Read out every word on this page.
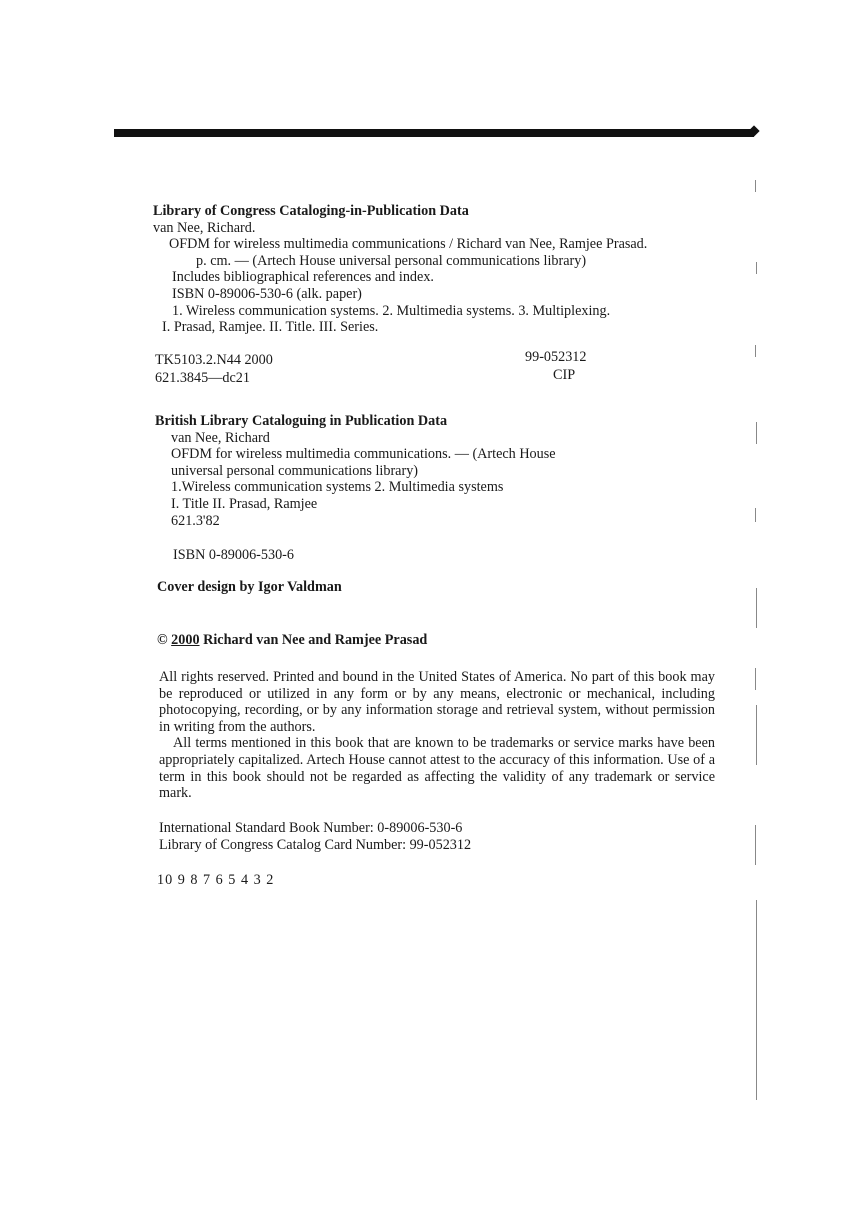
Library of Congress Cataloging-in-Publication Data
van Nee, Richard.
OFDM for wireless multimedia communications / Richard van Nee, Ramjee Prasad.
p. cm. — (Artech House universal personal communications library)
Includes bibliographical references and index.
ISBN 0-89006-530-6 (alk. paper)
1. Wireless communication systems. 2. Multimedia systems. 3. Multiplexing.
I. Prasad, Ramjee. II. Title. III. Series.
TK5103.2.N44 2000
621.3845—dc21
99-052312
CIP
British Library Cataloguing in Publication Data
van Nee, Richard
OFDM for wireless multimedia communications. — (Artech House
universal personal communications library)
1.Wireless communication systems 2. Multimedia systems
I. Title II. Prasad, Ramjee
621.3'82
ISBN 0-89006-530-6
Cover design by Igor Valdman
© 2000 Richard van Nee and Ramjee Prasad

All rights reserved. Printed and bound in the United States of America. No part of this book may be reproduced or utilized in any form or by any means, electronic or mechanical, including photocopying, recording, or by any information storage and retrieval system, without permission in writing from the authors.

All terms mentioned in this book that are known to be trademarks or service marks have been appropriately capitalized. Artech House cannot attest to the accuracy of this information. Use of a term in this book should not be regarded as affecting the validity of any trademark or service mark.

International Standard Book Number: 0-89006-530-6
Library of Congress Catalog Card Number: 99-052312
10 9 8 7 6 5 4 3 2
